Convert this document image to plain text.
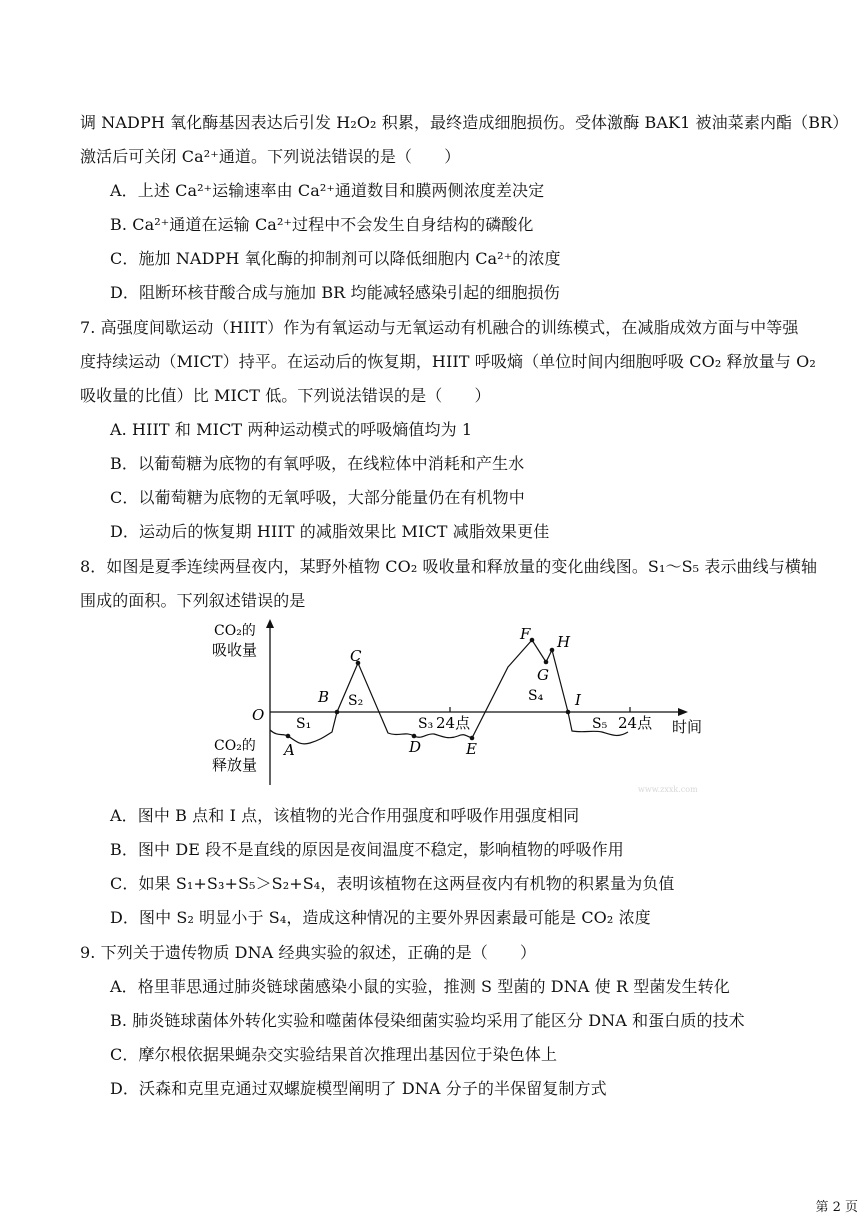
调 NADPH 氧化酶基因表达后引发 H₂O₂ 积累，最终造成细胞损伤。受体激酶 BAK1 被油菜素内酯（BR）
激活后可关闭 Ca²⁺通道。下列说法错误的是（　　）
A．上述 Ca²⁺运输速率由 Ca²⁺通道数目和膜两侧浓度差决定
B. Ca²⁺通道在运输 Ca²⁺过程中不会发生自身结构的磷酸化
C．施加 NADPH 氧化酶的抑制剂可以降低细胞内 Ca²⁺的浓度
D．阻断环核苷酸合成与施加 BR 均能减轻感染引起的细胞损伤
7. 高强度间歇运动（HIIT）作为有氧运动与无氧运动有机融合的训练模式，在减脂成效方面与中等强
度持续运动（MICT）持平。在运动后的恢复期，HIIT 呼吸熵（单位时间内细胞呼吸 CO₂ 释放量与 O₂
吸收量的比值）比 MICT 低。下列说法错误的是（　　）
A. HIIT 和 MICT 两种运动模式的呼吸熵值均为 1
B．以葡萄糖为底物的有氧呼吸，在线粒体中消耗和产生水
C．以葡萄糖为底物的无氧呼吸，大部分能量仍在有机物中
D．运动后的恢复期 HIIT 的减脂效果比 MICT 减脂效果更佳
8．如图是夏季连续两昼夜内，某野外植物 CO₂ 吸收量和释放量的变化曲线图。S₁～S₅ 表示曲线与横轴
围成的面积。下列叙述错误的是
CO₂的
吸收量
CO₂的
释放量
O
时间
24点	24点
A
B
C
D	E
F
G
H
I
S₁
S₂
S₃
S₄
S₅
www.zxxk.com
A．图中 B 点和 I 点，该植物的光合作用强度和呼吸作用强度相同
B．图中 DE 段不是直线的原因是夜间温度不稳定，影响植物的呼吸作用
C．如果 S₁+S₃+S₅＞S₂+S₄，表明该植物在这两昼夜内有机物的积累量为负值
D．图中 S₂ 明显小于 S₄，造成这种情况的主要外界因素最可能是 CO₂ 浓度
9. 下列关于遗传物质 DNA 经典实验的叙述，正确的是（　　）
A．格里菲思通过肺炎链球菌感染小鼠的实验，推测 S 型菌的 DNA 使 R 型菌发生转化
B. 肺炎链球菌体外转化实验和噬菌体侵染细菌实验均采用了能区分 DNA 和蛋白质的技术
C．摩尔根依据果蝇杂交实验结果首次推理出基因位于染色体上
D．沃森和克里克通过双螺旋模型阐明了 DNA 分子的半保留复制方式
第 2 页
